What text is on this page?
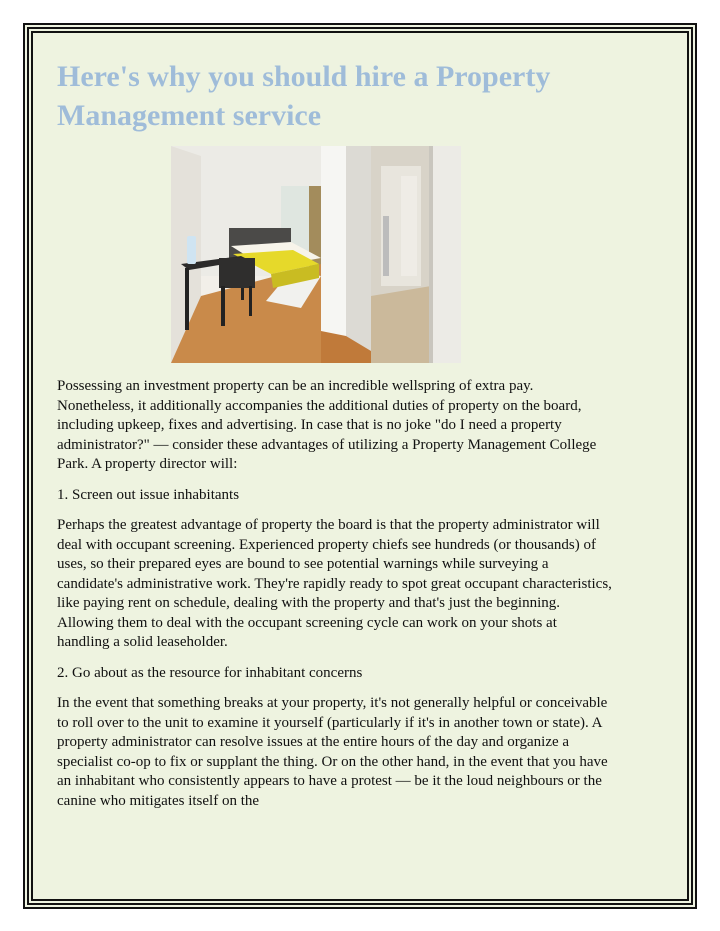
Here's why you should hire a Property Management service

Possessing an investment property can be an incredible wellspring of extra pay. Nonetheless, it additionally accompanies the additional duties of property on the board, including upkeep, fixes and advertising. In case that is no joke "do I need a property administrator?" — consider these advantages of utilizing a Property Management College Park. A property director will:

1. Screen out issue inhabitants

Perhaps the greatest advantage of property the board is that the property administrator will deal with occupant screening. Experienced property chiefs see hundreds (or thousands) of uses, so their prepared eyes are bound to see potential warnings while surveying a candidate's administrative work. They're rapidly ready to spot great occupant characteristics, like paying rent on schedule, dealing with the property and that's just the beginning. Allowing them to deal with the occupant screening cycle can work on your shots at handling a solid leaseholder.

2. Go about as the resource for inhabitant concerns

In the event that something breaks at your property, it's not generally helpful or conceivable to roll over to the unit to examine it yourself (particularly if it's in another town or state). A property administrator can resolve issues at the entire hours of the day and organize a specialist co-op to fix or supplant the thing. Or on the other hand, in the event that you have an inhabitant who consistently appears to have a protest — be it the loud neighbours or the canine who mitigates itself on the
